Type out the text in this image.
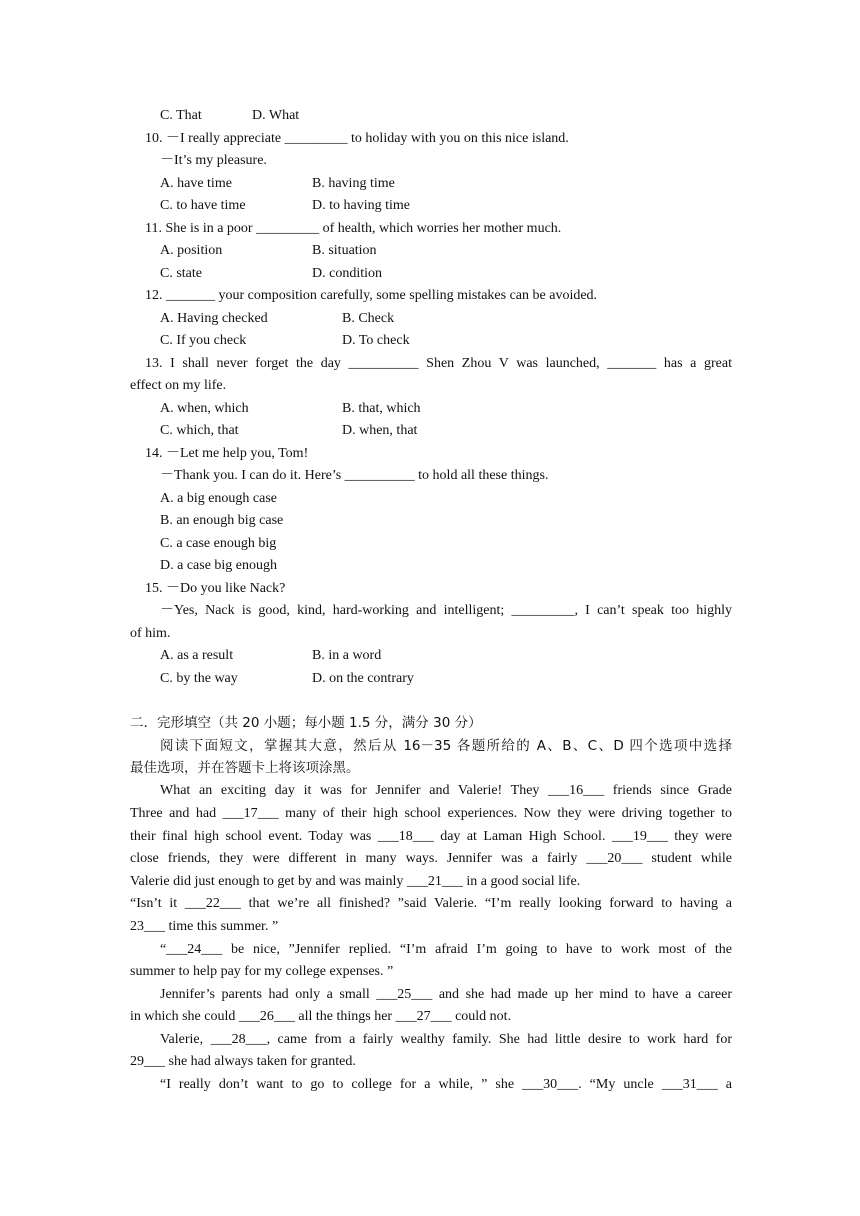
C. That	D. What
10. －I really appreciate _________ to holiday with you on this nice island.
－It’s my pleasure.
A. have time	B. having time
C. to have time	D. to having time
11. She is in a poor _________ of health, which worries her mother much.
A. position	B. situation
C. state	D. condition
12. _______ your composition carefully, some spelling mistakes can be avoided.
A. Having checked	B. Check
C. If you check	D. To check
13. I shall never forget the day __________ Shen Zhou V was launched, _______ has a great
effect on my life.
A. when, which	B. that, which
C. which, that	D. when, that
14. －Let me help you, Tom!
－Thank you. I can do it. Here’s __________ to hold all these things.
A. a big enough case
B. an enough big case
C. a case enough big
D. a case big enough
15. －Do you like Nack?
－Yes, Nack is good, kind, hard-working and intelligent; _________, I can’t speak too highly
of him.
A. as a result	B. in a word
C. by the way	D. on the contrary
二．完形填空（共 20 小题；每小题 1.5 分，满分 30 分）
阅读下面短文，掌握其大意，然后从 16－35 各题所给的 A、B、C、D 四个选项中选择
最佳选项，并在答题卡上将该项涂黑。
What an exciting day it was for Jennifer and Valerie! They ___16___ friends since Grade
Three and had ___17___ many of their high school experiences. Now they were driving together to
their final high school event. Today was ___18___ day at Laman High School. ___19___ they were
close friends, they were different in many ways. Jennifer was a fairly ___20___ student while
Valerie did just enough to get by and was mainly ___21___ in a good social life.
“Isn’t it ___22___ that we’re all finished? ”said Valerie. “I’m really looking forward to having a
23___ time this summer. ”
“___24___ be nice, ”Jennifer replied. “I’m afraid I’m going to have to work most of the
summer to help pay for my college expenses. ”
Jennifer’s parents had only a small ___25___ and she had made up her mind to have a career
in which she could ___26___ all the things her ___27___ could not.
Valerie, ___28___, came from a fairly wealthy family. She had little desire to work hard for
29___ she had always taken for granted.
“I really don’t want to go to college for a while, ” she ___30___. “My uncle ___31___ a
